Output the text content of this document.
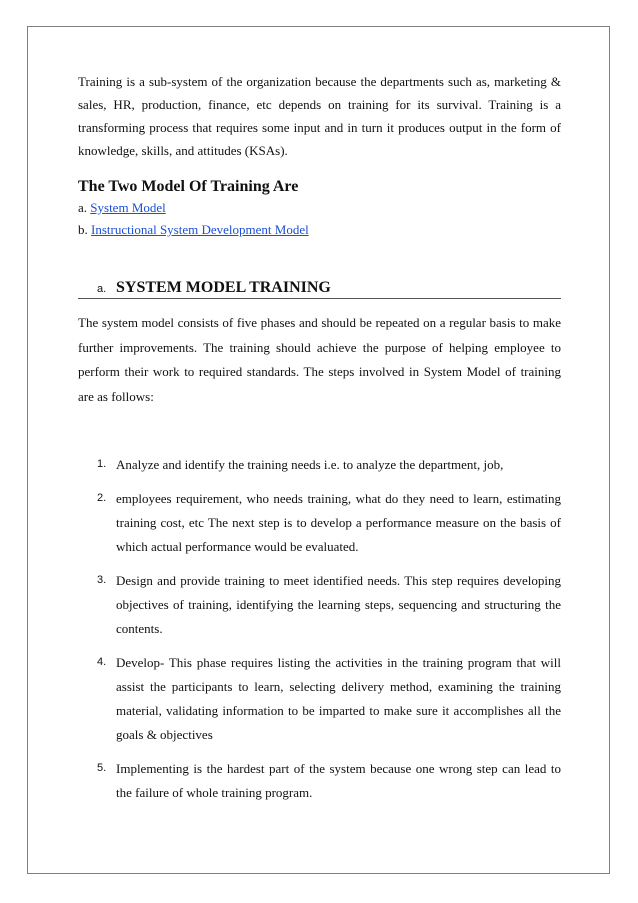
Training is a sub-system of the organization because the departments such as, marketing & sales, HR, production, finance, etc depends on training for its survival. Training is a transforming process that requires some input and in turn it produces output in the form of knowledge, skills, and attitudes (KSAs).

The Two Model Of Training Are

a. System Model

b. Instructional System Development Model

a. SYSTEM MODEL TRAINING

The system model consists of five phases and should be repeated on a regular basis to make further improvements. The training should achieve the purpose of helping employee to perform their work to required standards. The steps involved in System Model of training are as follows:

1. Analyze and identify the training needs i.e. to analyze the department, job,
2. employees requirement, who needs training, what do they need to learn, estimating training cost, etc The next step is to develop a performance measure on the basis of which actual performance would be evaluated.
3. Design and provide training to meet identified needs. This step requires developing objectives of training, identifying the learning steps, sequencing and structuring the contents.
4. Develop- This phase requires listing the activities in the training program that will assist the participants to learn, selecting delivery method, examining the training material, validating information to be imparted to make sure it accomplishes all the goals & objectives
5. Implementing is the hardest part of the system because one wrong step can lead to the failure of whole training program.
